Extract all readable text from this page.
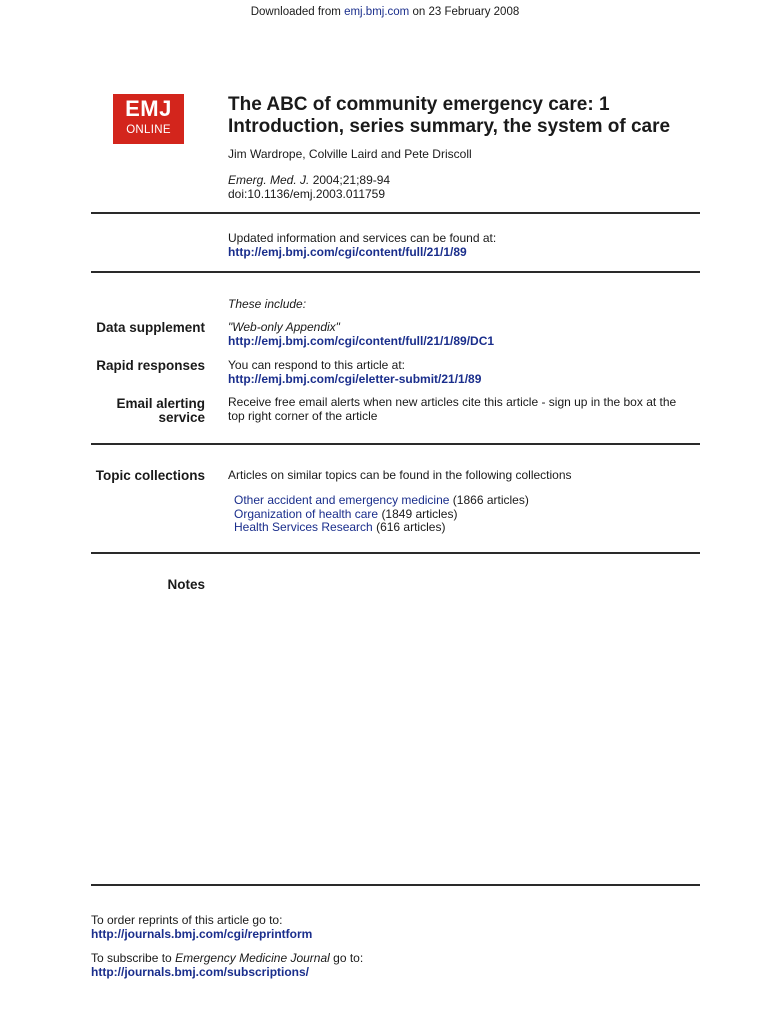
Downloaded from emj.bmj.com on 23 February 2008
EMJ
ONLINE
The ABC of community emergency care: 1
Introduction, series summary, the system of care
Jim Wardrope, Colville Laird and Pete Driscoll
Emerg. Med. J. 2004;21;89-94
doi:10.1136/emj.2003.011759
Updated information and services can be found at:
http://emj.bmj.com/cgi/content/full/21/1/89
These include:
Data supplement "Web-only Appendix"
http://emj.bmj.com/cgi/content/full/21/1/89/DC1
Rapid responses You can respond to this article at:
http://emj.bmj.com/cgi/eletter-submit/21/1/89
Email alerting
service
Receive free email alerts when new articles cite this article - sign up in the box at the
top right corner of the article
Topic collections Articles on similar topics can be found in the following collections
Other accident and emergency medicine (1866 articles)
Organization of health care (1849 articles)
Health Services Research (616 articles)
Notes
To order reprints of this article go to:
http://journals.bmj.com/cgi/reprintform
To subscribe to Emergency Medicine Journal go to:
http://journals.bmj.com/subscriptions/
